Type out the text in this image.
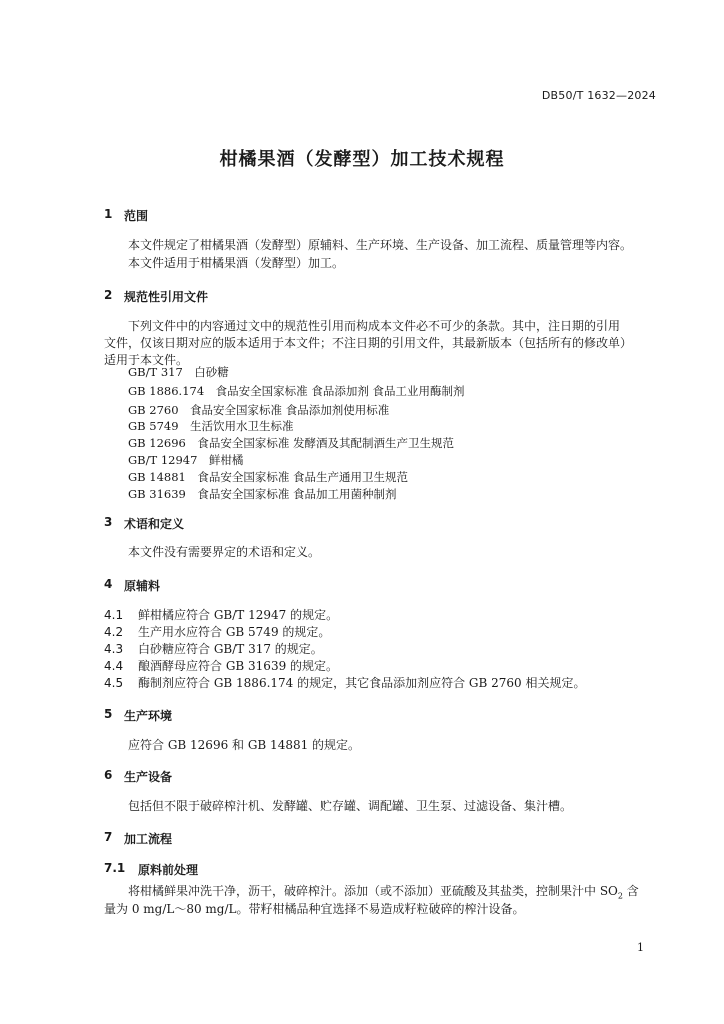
DB50/T 1632—2024
柑橘果酒（发酵型）加工技术规程
1 范围
本文件规定了柑橘果酒（发酵型）原辅料、生产环境、生产设备、加工流程、质量管理等内容。
本文件适用于柑橘果酒（发酵型）加工。
2 规范性引用文件
下列文件中的内容通过文中的规范性引用而构成本文件必不可少的条款。其中，注日期的引用
文件，仅该日期对应的版本适用于本文件；不注日期的引用文件，其最新版本（包括所有的修改单）
适用于本文件。
GB/T 317　白砂糖
GB 1886.174　食品安全国家标准 食品添加剂 食品工业用酶制剂
GB 2760　食品安全国家标准 食品添加剂使用标准
GB 5749　生活饮用水卫生标准
GB 12696　食品安全国家标准 发酵酒及其配制酒生产卫生规范
GB/T 12947　鲜柑橘
GB 14881　食品安全国家标准 食品生产通用卫生规范
GB 31639　食品安全国家标准 食品加工用菌种制剂
3 术语和定义
本文件没有需要界定的术语和定义。
4 原辅料
4.1 鲜柑橘应符合 GB/T 12947 的规定。
4.2 生产用水应符合 GB 5749 的规定。
4.3 白砂糖应符合 GB/T 317 的规定。
4.4 酿酒酵母应符合 GB 31639 的规定。
4.5 酶制剂应符合 GB 1886.174 的规定，其它食品添加剂应符合 GB 2760 相关规定。
5 生产环境
应符合 GB 12696 和 GB 14881 的规定。
6 生产设备
包括但不限于破碎榨汁机、发酵罐、贮存罐、调配罐、卫生泵、过滤设备、集汁槽。
7 加工流程
7.1 原料前处理
将柑橘鲜果冲洗干净，沥干，破碎榨汁。添加（或不添加）亚硫酸及其盐类，控制果汁中 $SO_2$ 含
量为 0 mg/L～80 mg/L。带籽柑橘品种宜选择不易造成籽粒破碎的榨汁设备。
1
